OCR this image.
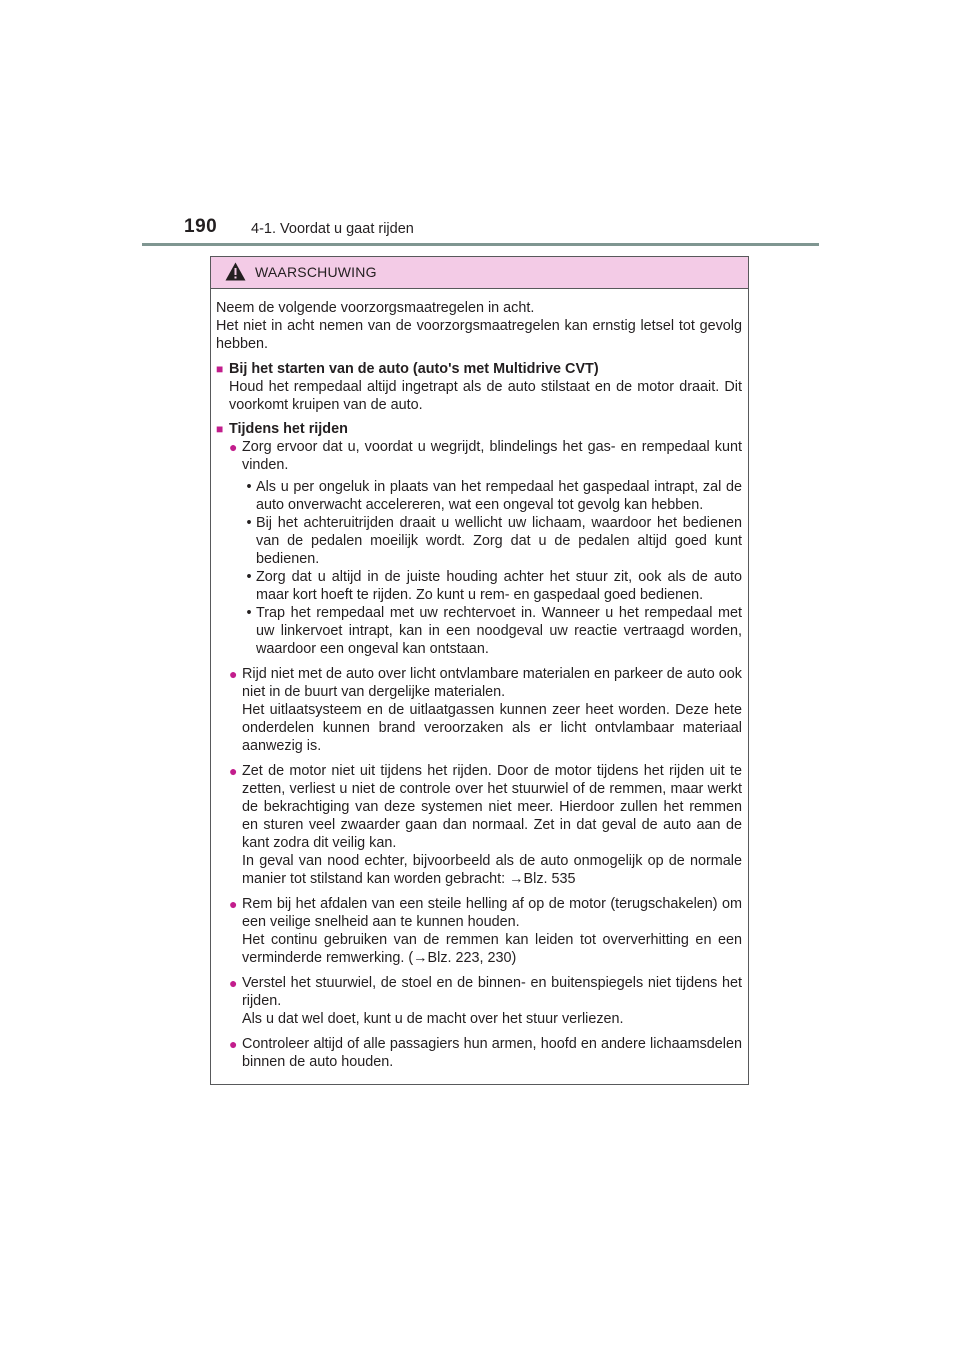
190 4-1. Voordat u gaat rijden
WAARSCHUWING

Neem de volgende voorzorgsmaatregelen in acht.

Het niet in acht nemen van de voorzorgsmaatregelen kan ernstig letsel tot gevolg hebben.

■ Bij het starten van de auto (auto's met Multidrive CVT)

Houd het rempedaal altijd ingetrapt als de auto stilstaat en de motor draait. Dit voorkomt kruipen van de auto.

■ Tijdens het rijden
● Zorg ervoor dat u, voordat u wegrijdt, blindelings het gas- en rempedaal kunt vinden.
• Als u per ongeluk in plaats van het rempedaal het gaspedaal intrapt, zal de auto onverwacht accelereren, wat een ongeval tot gevolg kan hebben.
• Bij het achteruitrijden draait u wellicht uw lichaam, waardoor het bedienen van de pedalen moeilijk wordt. Zorg dat u de pedalen altijd goed kunt bedienen.
• Zorg dat u altijd in de juiste houding achter het stuur zit, ook als de auto maar kort hoeft te rijden. Zo kunt u rem- en gaspedaal goed bedienen.
• Trap het rempedaal met uw rechtervoet in. Wanneer u het rempedaal met uw linkervoet intrapt, kan in een noodgeval uw reactie vertraagd worden, waardoor een ongeval kan ontstaan.
● Rijd niet met de auto over licht ontvlambare materialen en parkeer de auto ook niet in de buurt van dergelijke materialen.
Het uitlaatsysteem en de uitlaatgassen kunnen zeer heet worden. Deze hete onderdelen kunnen brand veroorzaken als er licht ontvlambaar materiaal aanwezig is.
● Zet de motor niet uit tijdens het rijden. Door de motor tijdens het rijden uit te zetten, verliest u niet de controle over het stuurwiel of de remmen, maar werkt de bekrachtiging van deze systemen niet meer. Hierdoor zullen het remmen en sturen veel zwaarder gaan dan normaal. Zet in dat geval de auto aan de kant zodra dit veilig kan.
In geval van nood echter, bijvoorbeeld als de auto onmogelijk op de normale manier tot stilstand kan worden gebracht: →Blz. 535
● Rem bij het afdalen van een steile helling af op de motor (terugschakelen) om een veilige snelheid aan te kunnen houden.
Het continu gebruiken van de remmen kan leiden tot oververhitting en een verminderde remwerking. (→Blz. 223, 230)
● Verstel het stuurwiel, de stoel en de binnen- en buitenspiegels niet tijdens het rijden.
Als u dat wel doet, kunt u de macht over het stuur verliezen.
● Controleer altijd of alle passagiers hun armen, hoofd en andere lichaamsdelen binnen de auto houden.
